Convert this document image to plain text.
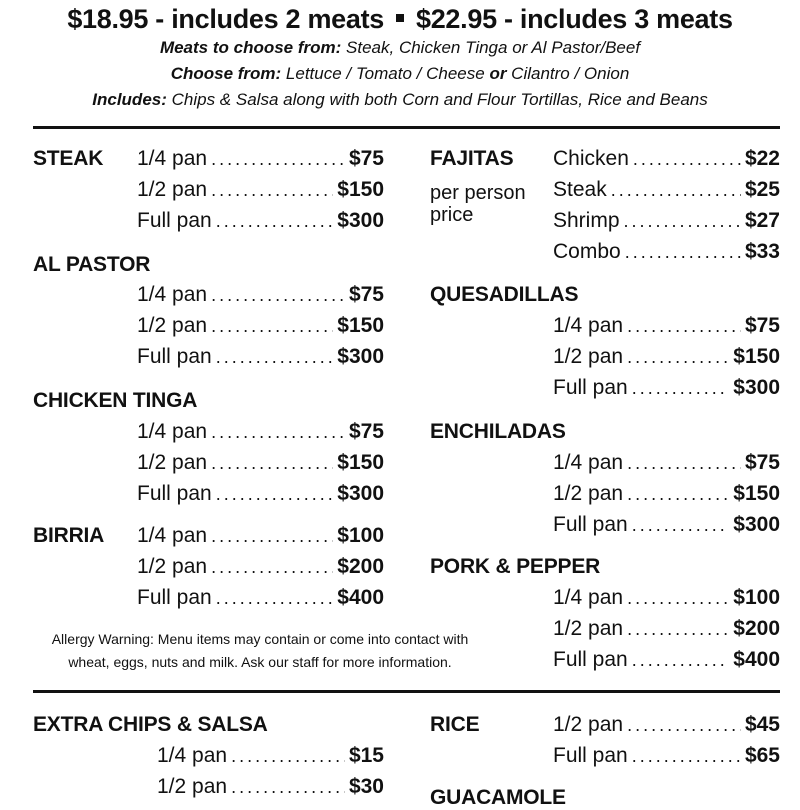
$18.95 - includes 2 meats $22.95 - includes 3 meats
Meats to choose from: Steak, Chicken Tinga or Al Pastor/Beef
Choose from: Lettuce / Tomato / Cheese or Cilantro / Onion
Includes: Chips & Salsa along with both Corn and Flour Tortillas, Rice and Beans
STEAK 1/4 pan . . .	$75
1/2 pan . . .	$150
Full pan . . .	$300
AL PASTOR
1/4 pan . . .	$75
1/2 pan . . .	$150
Full pan . . .	$300
CHICKEN TINGA
1/4 pan . . .	$75
1/2 pan . . .	$150
Full pan . . .	$300
BIRRIA 1/4 pan . . .	$100
1/2 pan . . .	$200
Full pan . . .	$400
Allergy Warning: Menu items may contain or come into contact with
wheat, eggs, nuts and milk. Ask our staff for more information.
FAJITAS
per person price
Chicken . . .	$22
Steak . . .	$25
Shrimp . . .	$27
Combo . . .	$33
QUESADILLAS
1/4 pan . . .	$75
1/2 pan . . .	$150
Full pan . . .	$300
ENCHILADAS
1/4 pan . . .	$75
1/2 pan . . .	$150
Full pan . . .	$300
PORK & PEPPER
1/4 pan . . .	$100
1/2 pan . . .	$200
Full pan . . .	$400
EXTRA CHIPS & SALSA
1/4 pan . . .	$15
1/2 pan . . .	$30
RICE	1/2 pan . . .	$45
Full pan . . .	$65
GUACAMOLE
